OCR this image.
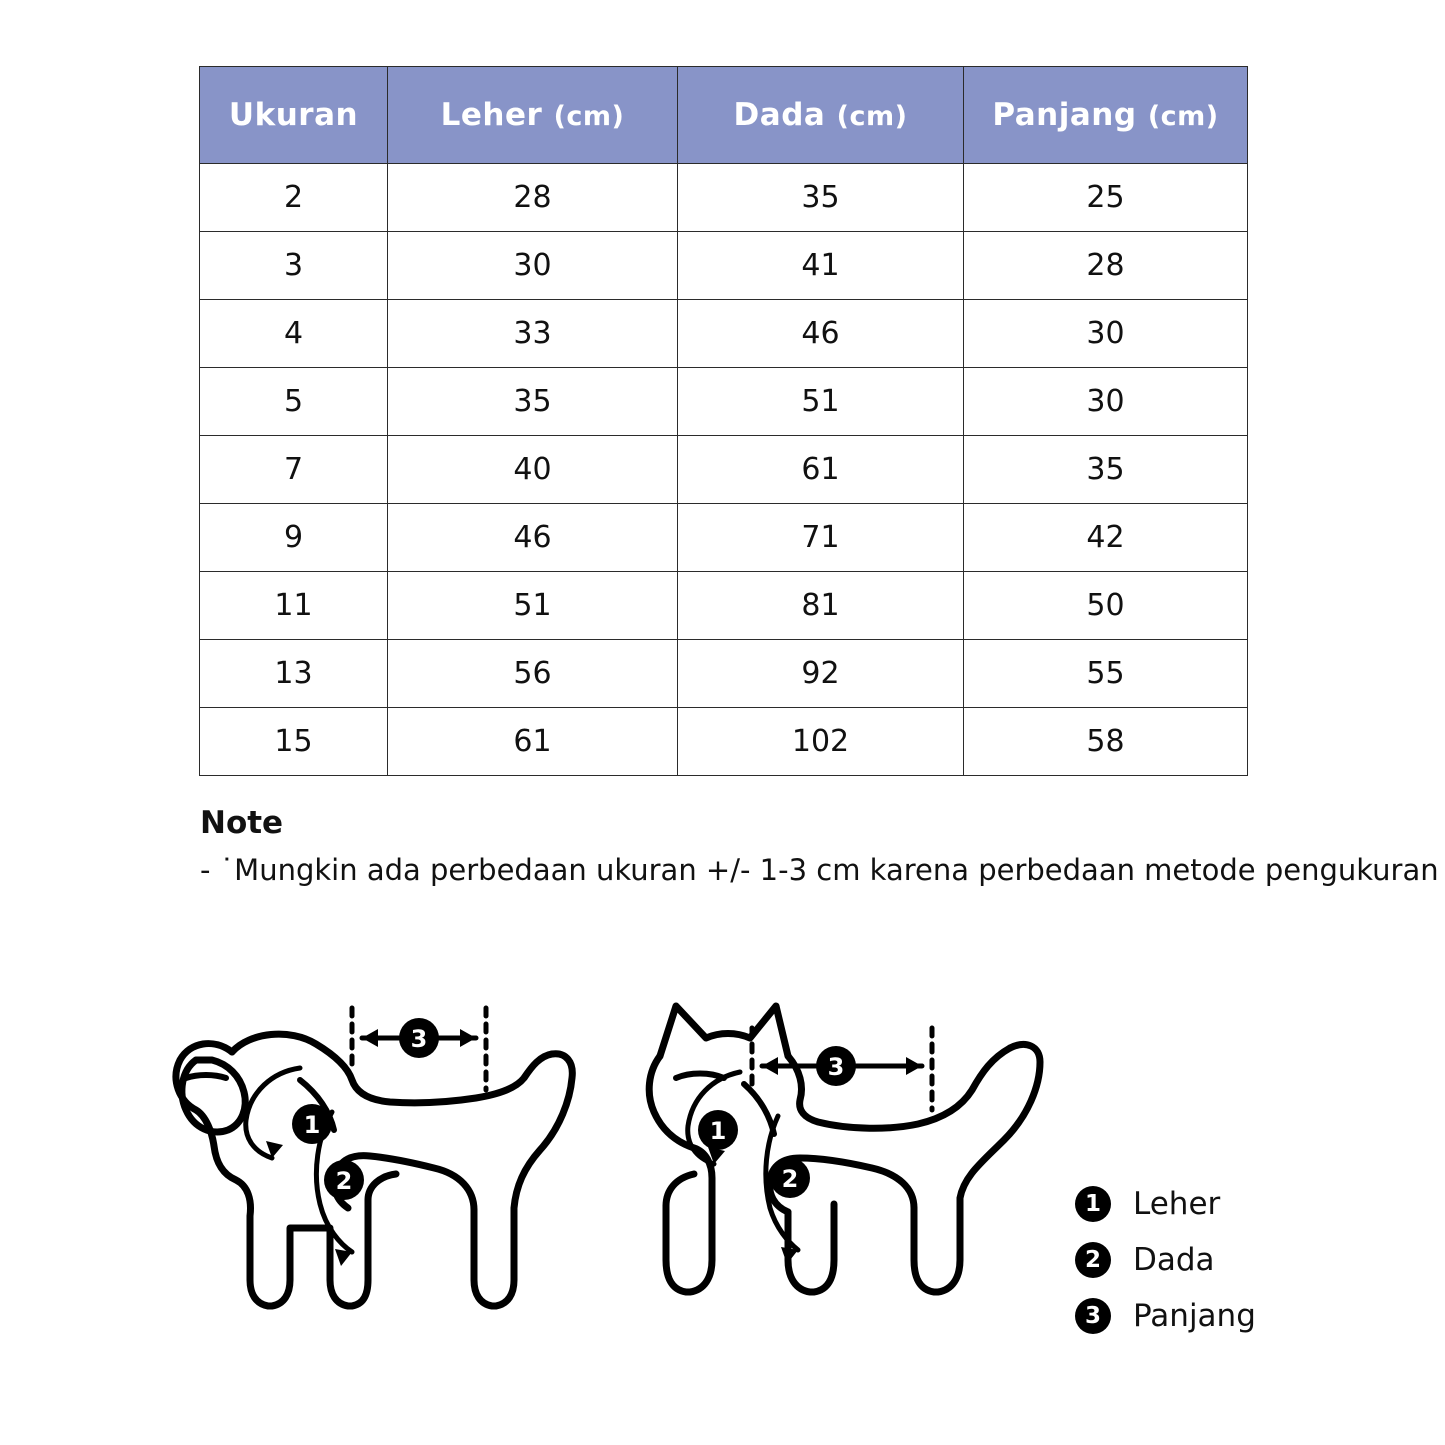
Ukuran	Leher (cm)	Dada (cm)	Panjang (cm)
2	28	35	25
3	30	41	28
4	33	46	30
5	35	51	30
7	40	61	35
9	46	71	42
11	51	81	50
13	56	92	55
15	61	102	58
Note
- ˙Mungkin ada perbedaan ukuran +/- 1-3 cm karena perbedaan metode pengukuran
1
2
3
1
2
3
1	Leher
2	Dada
3	Panjang
